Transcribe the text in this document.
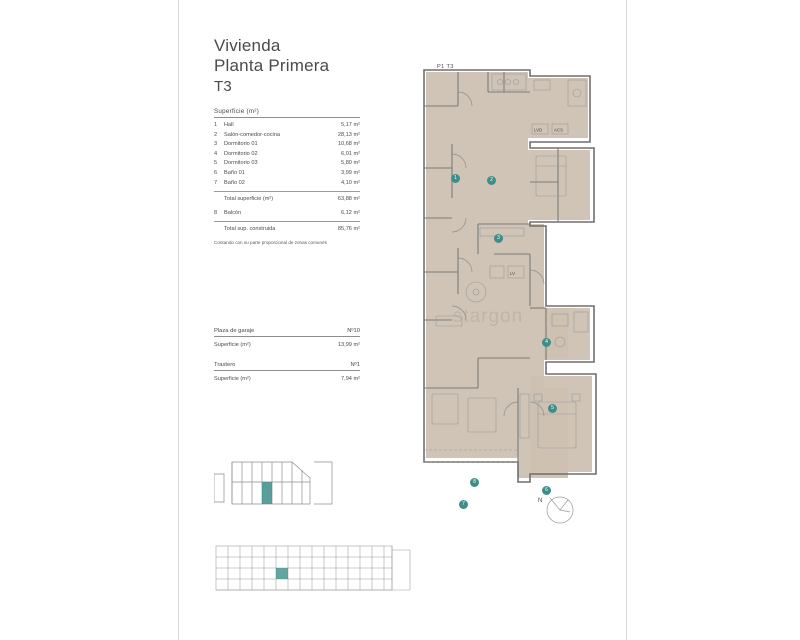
Vivienda
Planta Primera
T3
Superficie (m²)
1	Hall	5,17 m²
2	Salón-comedor-cocina	28,13 m²
3	Dormitorio 01	10,68 m²
4	Dormitorio 02	6,01 m²
5	Dormitorio 03	5,80 m²
6	Baño 01	3,99 m²
7	Baño 02	4,10 m²
Total superficie (m²)	63,88 m²
8	Balcón	6,12 m²
Total sup. construida	85,76 m²
Contando con su parte proporcional de zonas comunes
Plaza de garaje	Nº10
Superficie (m²)	13,99 m²
Trastero	Nº1
Superficie (m²)	7,94 m²
P1 T3
LVD	ACS
LV
1	2
3
4
5
6
7
8
N
stargon
